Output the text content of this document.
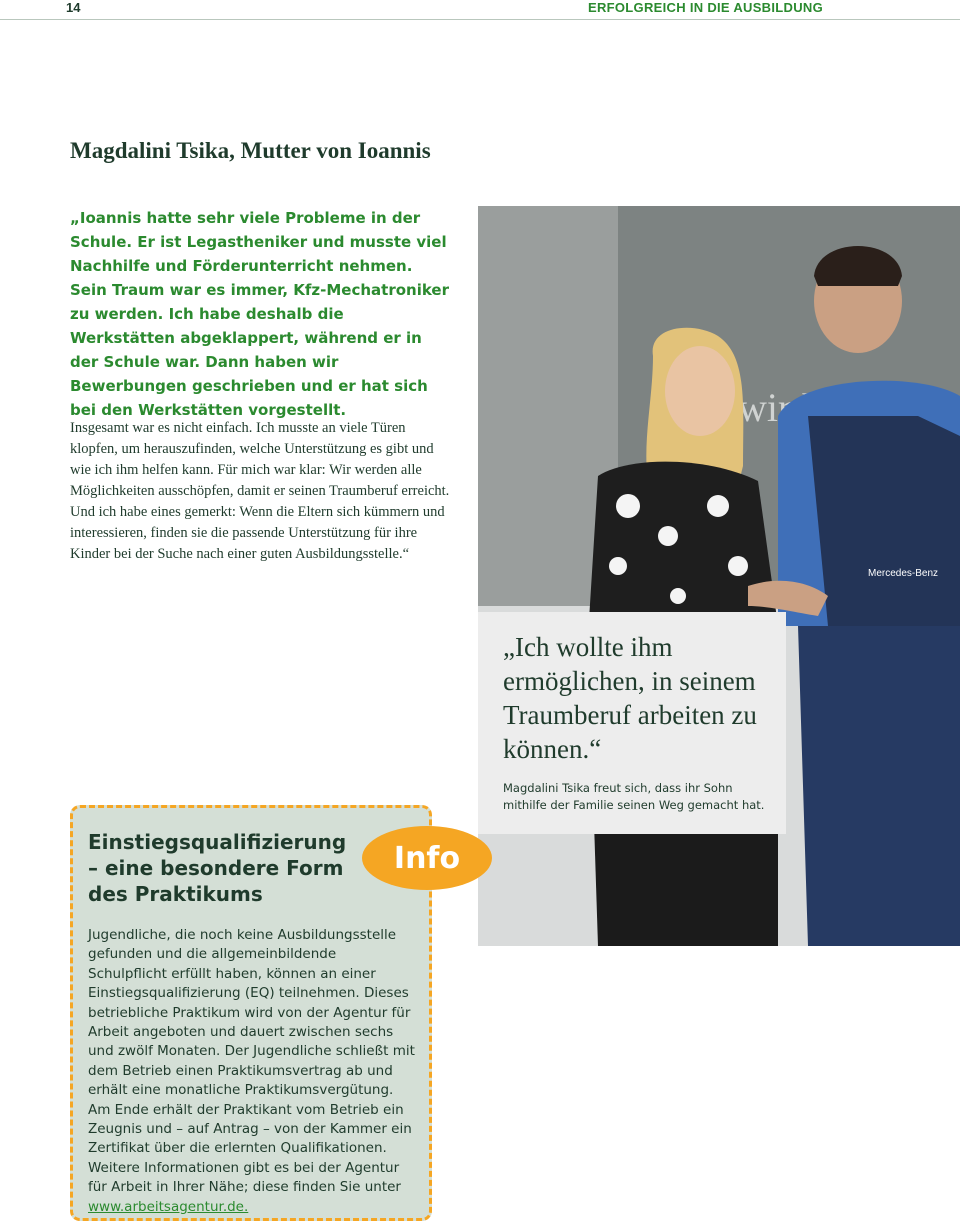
14	ERFOLGREICH IN DIE AUSBILDUNG
Magdalini Tsika, Mutter von Ioannis

„Ioannis hatte sehr viele Probleme in der Schule. Er ist Legastheniker und musste viel Nachhilfe und Förderunterricht nehmen. Sein Traum war es immer, Kfz-Mechatroniker zu werden. Ich habe deshalb die Werkstätten abgeklappert, während er in der Schule war. Dann haben wir Bewerbungen geschrieben und er hat sich bei den Werkstätten vorgestellt.

Insgesamt war es nicht einfach. Ich musste an viele Türen klopfen, um herauszufinden, welche Unterstützung es gibt und wie ich ihm helfen kann. Für mich war klar: Wir werden alle Möglichkeiten ausschöpfen, damit er seinen Traumberuf erreicht. Und ich habe eines gemerkt: Wenn die Eltern sich kümmern und interessieren, finden sie die passende Unterstützung für ihre Kinder bei der Suche nach einer guten Ausbildungsstelle.“

wird
Mercedes-Benz

„Ich wollte ihm ermöglichen, in seinem Traumberuf arbeiten zu können.“

Magdalini Tsika freut sich, dass ihr Sohn mithilfe der Familie seinen Weg gemacht hat.

Einstiegsqualifizierung – eine besondere Form des Praktikums
Info

Jugendliche, die noch keine Ausbildungsstelle gefunden und die allgemeinbildende Schulpflicht erfüllt haben, können an einer Einstiegsqualifizierung (EQ) teilnehmen. Dieses betriebliche Praktikum wird von der Agentur für Arbeit angeboten und dauert zwischen sechs und zwölf Monaten. Der Jugendliche schließt mit dem Betrieb einen Praktikumsvertrag ab und erhält eine monatliche Praktikumsvergütung. Am Ende erhält der Praktikant vom Betrieb ein Zeugnis und – auf Antrag – von der Kammer ein Zertifikat über die erlernten Qualifikationen. Weitere Informationen gibt es bei der Agentur für Arbeit in Ihrer Nähe; diese finden Sie unter www.arbeitsagentur.de.
